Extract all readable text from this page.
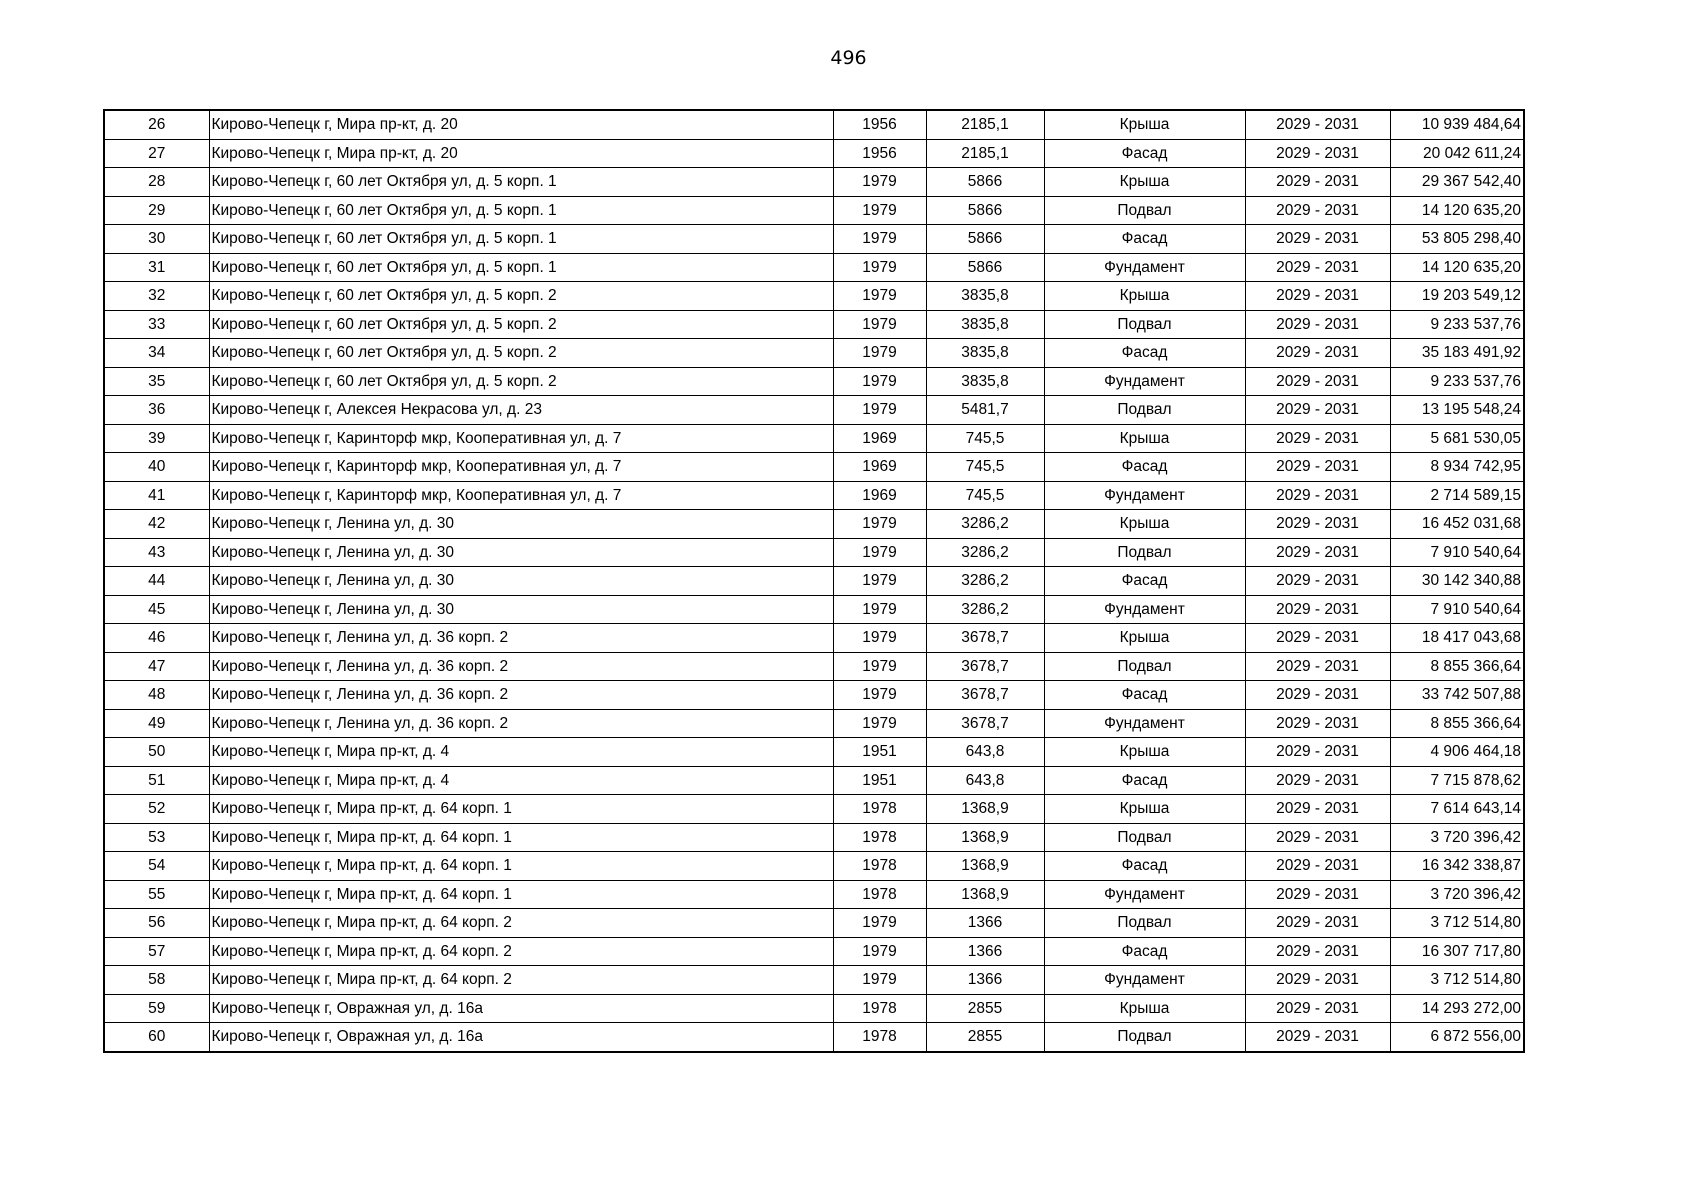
496
26	Кирово-Чепецк г, Мира пр-кт, д. 20	1956	2185,1	Крыша	2029 - 2031	10 939 484,64
27	Кирово-Чепецк г, Мира пр-кт, д. 20	1956	2185,1	Фасад	2029 - 2031	20 042 611,24
28	Кирово-Чепецк г, 60 лет Октября ул, д. 5 корп. 1	1979	5866	Крыша	2029 - 2031	29 367 542,40
29	Кирово-Чепецк г, 60 лет Октября ул, д. 5 корп. 1	1979	5866	Подвал	2029 - 2031	14 120 635,20
30	Кирово-Чепецк г, 60 лет Октября ул, д. 5 корп. 1	1979	5866	Фасад	2029 - 2031	53 805 298,40
31	Кирово-Чепецк г, 60 лет Октября ул, д. 5 корп. 1	1979	5866	Фундамент	2029 - 2031	14 120 635,20
32	Кирово-Чепецк г, 60 лет Октября ул, д. 5 корп. 2	1979	3835,8	Крыша	2029 - 2031	19 203 549,12
33	Кирово-Чепецк г, 60 лет Октября ул, д. 5 корп. 2	1979	3835,8	Подвал	2029 - 2031	9 233 537,76
34	Кирово-Чепецк г, 60 лет Октября ул, д. 5 корп. 2	1979	3835,8	Фасад	2029 - 2031	35 183 491,92
35	Кирово-Чепецк г, 60 лет Октября ул, д. 5 корп. 2	1979	3835,8	Фундамент	2029 - 2031	9 233 537,76
36	Кирово-Чепецк г, Алексея Некрасова ул, д. 23	1979	5481,7	Подвал	2029 - 2031	13 195 548,24
39	Кирово-Чепецк г, Каринторф мкр, Кооперативная ул, д. 7	1969	745,5	Крыша	2029 - 2031	5 681 530,05
40	Кирово-Чепецк г, Каринторф мкр, Кооперативная ул, д. 7	1969	745,5	Фасад	2029 - 2031	8 934 742,95
41	Кирово-Чепецк г, Каринторф мкр, Кооперативная ул, д. 7	1969	745,5	Фундамент	2029 - 2031	2 714 589,15
42	Кирово-Чепецк г, Ленина ул, д. 30	1979	3286,2	Крыша	2029 - 2031	16 452 031,68
43	Кирово-Чепецк г, Ленина ул, д. 30	1979	3286,2	Подвал	2029 - 2031	7 910 540,64
44	Кирово-Чепецк г, Ленина ул, д. 30	1979	3286,2	Фасад	2029 - 2031	30 142 340,88
45	Кирово-Чепецк г, Ленина ул, д. 30	1979	3286,2	Фундамент	2029 - 2031	7 910 540,64
46	Кирово-Чепецк г, Ленина ул, д. 36 корп. 2	1979	3678,7	Крыша	2029 - 2031	18 417 043,68
47	Кирово-Чепецк г, Ленина ул, д. 36 корп. 2	1979	3678,7	Подвал	2029 - 2031	8 855 366,64
48	Кирово-Чепецк г, Ленина ул, д. 36 корп. 2	1979	3678,7	Фасад	2029 - 2031	33 742 507,88
49	Кирово-Чепецк г, Ленина ул, д. 36 корп. 2	1979	3678,7	Фундамент	2029 - 2031	8 855 366,64
50	Кирово-Чепецк г, Мира пр-кт, д. 4	1951	643,8	Крыша	2029 - 2031	4 906 464,18
51	Кирово-Чепецк г, Мира пр-кт, д. 4	1951	643,8	Фасад	2029 - 2031	7 715 878,62
52	Кирово-Чепецк г, Мира пр-кт, д. 64 корп. 1	1978	1368,9	Крыша	2029 - 2031	7 614 643,14
53	Кирово-Чепецк г, Мира пр-кт, д. 64 корп. 1	1978	1368,9	Подвал	2029 - 2031	3 720 396,42
54	Кирово-Чепецк г, Мира пр-кт, д. 64 корп. 1	1978	1368,9	Фасад	2029 - 2031	16 342 338,87
55	Кирово-Чепецк г, Мира пр-кт, д. 64 корп. 1	1978	1368,9	Фундамент	2029 - 2031	3 720 396,42
56	Кирово-Чепецк г, Мира пр-кт, д. 64 корп. 2	1979	1366	Подвал	2029 - 2031	3 712 514,80
57	Кирово-Чепецк г, Мира пр-кт, д. 64 корп. 2	1979	1366	Фасад	2029 - 2031	16 307 717,80
58	Кирово-Чепецк г, Мира пр-кт, д. 64 корп. 2	1979	1366	Фундамент	2029 - 2031	3 712 514,80
59	Кирово-Чепецк г, Овражная ул, д. 16а	1978	2855	Крыша	2029 - 2031	14 293 272,00
60	Кирово-Чепецк г, Овражная ул, д. 16а	1978	2855	Подвал	2029 - 2031	6 872 556,00
